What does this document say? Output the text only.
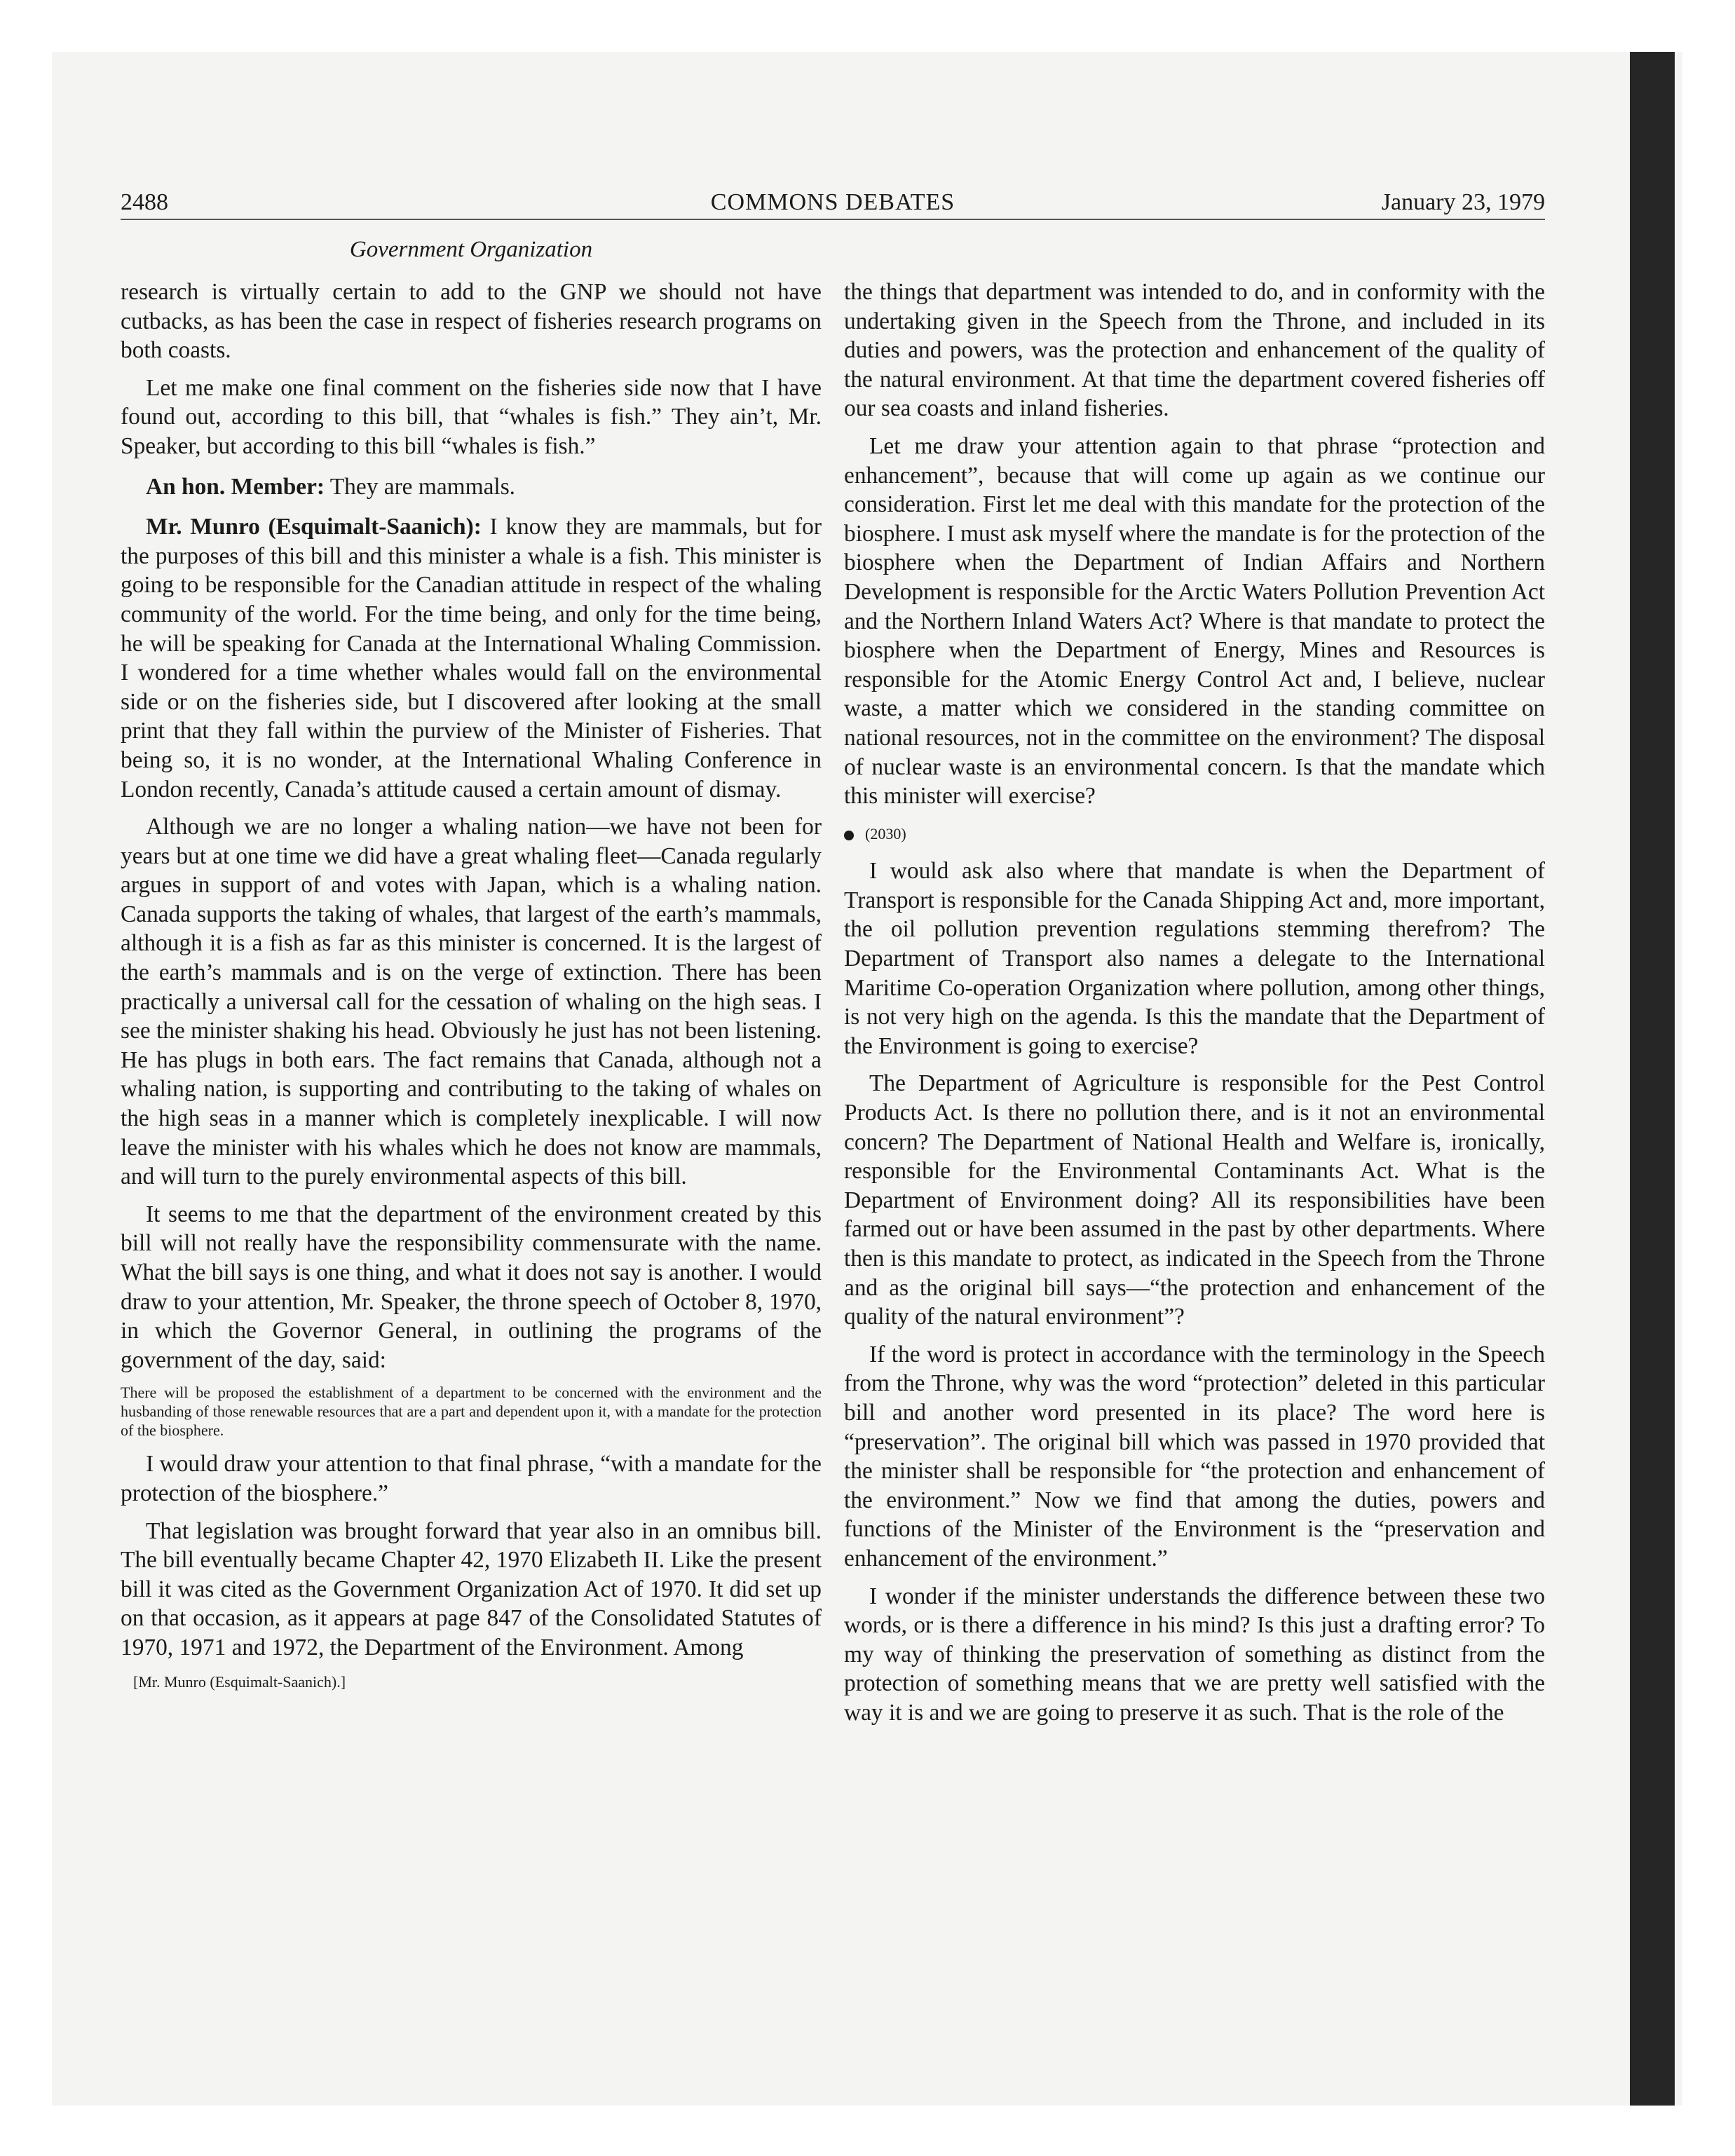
2488	COMMONS DEBATES	January 23, 1979
Government Organization

research is virtually certain to add to the GNP we should not have cutbacks, as has been the case in respect of fisheries research programs on both coasts.

Let me make one final comment on the fisheries side now that I have found out, according to this bill, that “whales is fish.” They ain’t, Mr. Speaker, but according to this bill “whales is fish.”

An hon. Member: They are mammals.

Mr. Munro (Esquimalt-Saanich): I know they are mammals, but for the purposes of this bill and this minister a whale is a fish. This minister is going to be responsible for the Canadian attitude in respect of the whaling community of the world. For the time being, and only for the time being, he will be speaking for Canada at the International Whaling Commission. I wondered for a time whether whales would fall on the environmental side or on the fisheries side, but I discovered after looking at the small print that they fall within the purview of the Minister of Fisheries. That being so, it is no wonder, at the International Whaling Conference in London recently, Canada’s attitude caused a certain amount of dismay.

Although we are no longer a whaling nation—we have not been for years but at one time we did have a great whaling fleet—Canada regularly argues in support of and votes with Japan, which is a whaling nation. Canada supports the taking of whales, that largest of the earth’s mammals, although it is a fish as far as this minister is concerned. It is the largest of the earth’s mammals and is on the verge of extinction. There has been practically a universal call for the cessation of whaling on the high seas. I see the minister shaking his head. Obviously he just has not been listening. He has plugs in both ears. The fact remains that Canada, although not a whaling nation, is supporting and contributing to the taking of whales on the high seas in a manner which is completely inexplicable. I will now leave the minister with his whales which he does not know are mammals, and will turn to the purely environmental aspects of this bill.

It seems to me that the department of the environment created by this bill will not really have the responsibility commensurate with the name. What the bill says is one thing, and what it does not say is another. I would draw to your attention, Mr. Speaker, the throne speech of October 8, 1970, in which the Governor General, in outlining the programs of the government of the day, said:

There will be proposed the establishment of a department to be concerned with the environment and the husbanding of those renewable resources that are a part and dependent upon it, with a mandate for the protection of the biosphere.

I would draw your attention to that final phrase, “with a mandate for the protection of the biosphere.”

That legislation was brought forward that year also in an omnibus bill. The bill eventually became Chapter 42, 1970 Elizabeth II. Like the present bill it was cited as the Government Organization Act of 1970. It did set up on that occasion, as it appears at page 847 of the Consolidated Statutes of 1970, 1971 and 1972, the Department of the Environment. Among

[Mr. Munro (Esquimalt-Saanich).]

the things that department was intended to do, and in conformity with the undertaking given in the Speech from the Throne, and included in its duties and powers, was the protection and enhancement of the quality of the natural environment. At that time the department covered fisheries off our sea coasts and inland fisheries.

Let me draw your attention again to that phrase “protection and enhancement”, because that will come up again as we continue our consideration. First let me deal with this mandate for the protection of the biosphere. I must ask myself where the mandate is for the protection of the biosphere when the Department of Indian Affairs and Northern Development is responsible for the Arctic Waters Pollution Prevention Act and the Northern Inland Waters Act? Where is that mandate to protect the biosphere when the Department of Energy, Mines and Resources is responsible for the Atomic Energy Control Act and, I believe, nuclear waste, a matter which we considered in the standing committee on national resources, not in the committee on the environment? The disposal of nuclear waste is an environmental concern. Is that the mandate which this minister will exercise?

(2030)

I would ask also where that mandate is when the Department of Transport is responsible for the Canada Shipping Act and, more important, the oil pollution prevention regulations stemming therefrom? The Department of Transport also names a delegate to the International Maritime Co-operation Organization where pollution, among other things, is not very high on the agenda. Is this the mandate that the Department of the Environment is going to exercise?

The Department of Agriculture is responsible for the Pest Control Products Act. Is there no pollution there, and is it not an environmental concern? The Department of National Health and Welfare is, ironically, responsible for the Environmental Contaminants Act. What is the Department of Environment doing? All its responsibilities have been farmed out or have been assumed in the past by other departments. Where then is this mandate to protect, as indicated in the Speech from the Throne and as the original bill says—“the protection and enhancement of the quality of the natural environment”?

If the word is protect in accordance with the terminology in the Speech from the Throne, why was the word “protection” deleted in this particular bill and another word presented in its place? The word here is “preservation”. The original bill which was passed in 1970 provided that the minister shall be responsible for “the protection and enhancement of the environment.” Now we find that among the duties, powers and functions of the Minister of the Environment is the “preservation and enhancement of the environment.”

I wonder if the minister understands the difference between these two words, or is there a difference in his mind? Is this just a drafting error? To my way of thinking the preservation of something as distinct from the protection of something means that we are pretty well satisfied with the way it is and we are going to preserve it as such. That is the role of the
